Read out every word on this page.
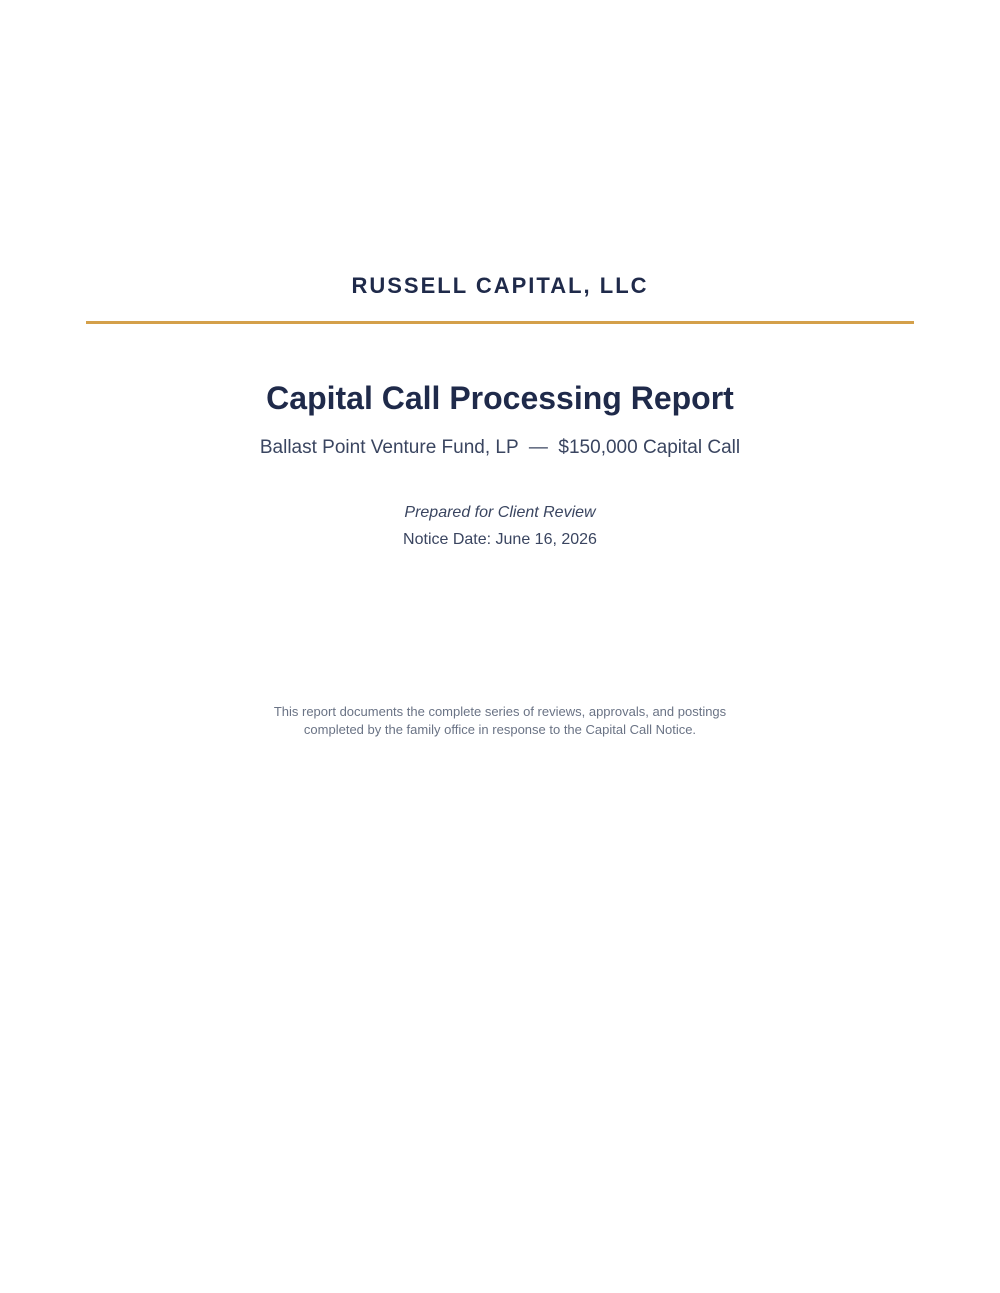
RUSSELL CAPITAL, LLC
Capital Call Processing Report
Ballast Point Venture Fund, LP  —  $150,000 Capital Call
Prepared for Client Review
Notice Date: June 16, 2026
This report documents the complete series of reviews, approvals, and postings
completed by the family office in response to the Capital Call Notice.
